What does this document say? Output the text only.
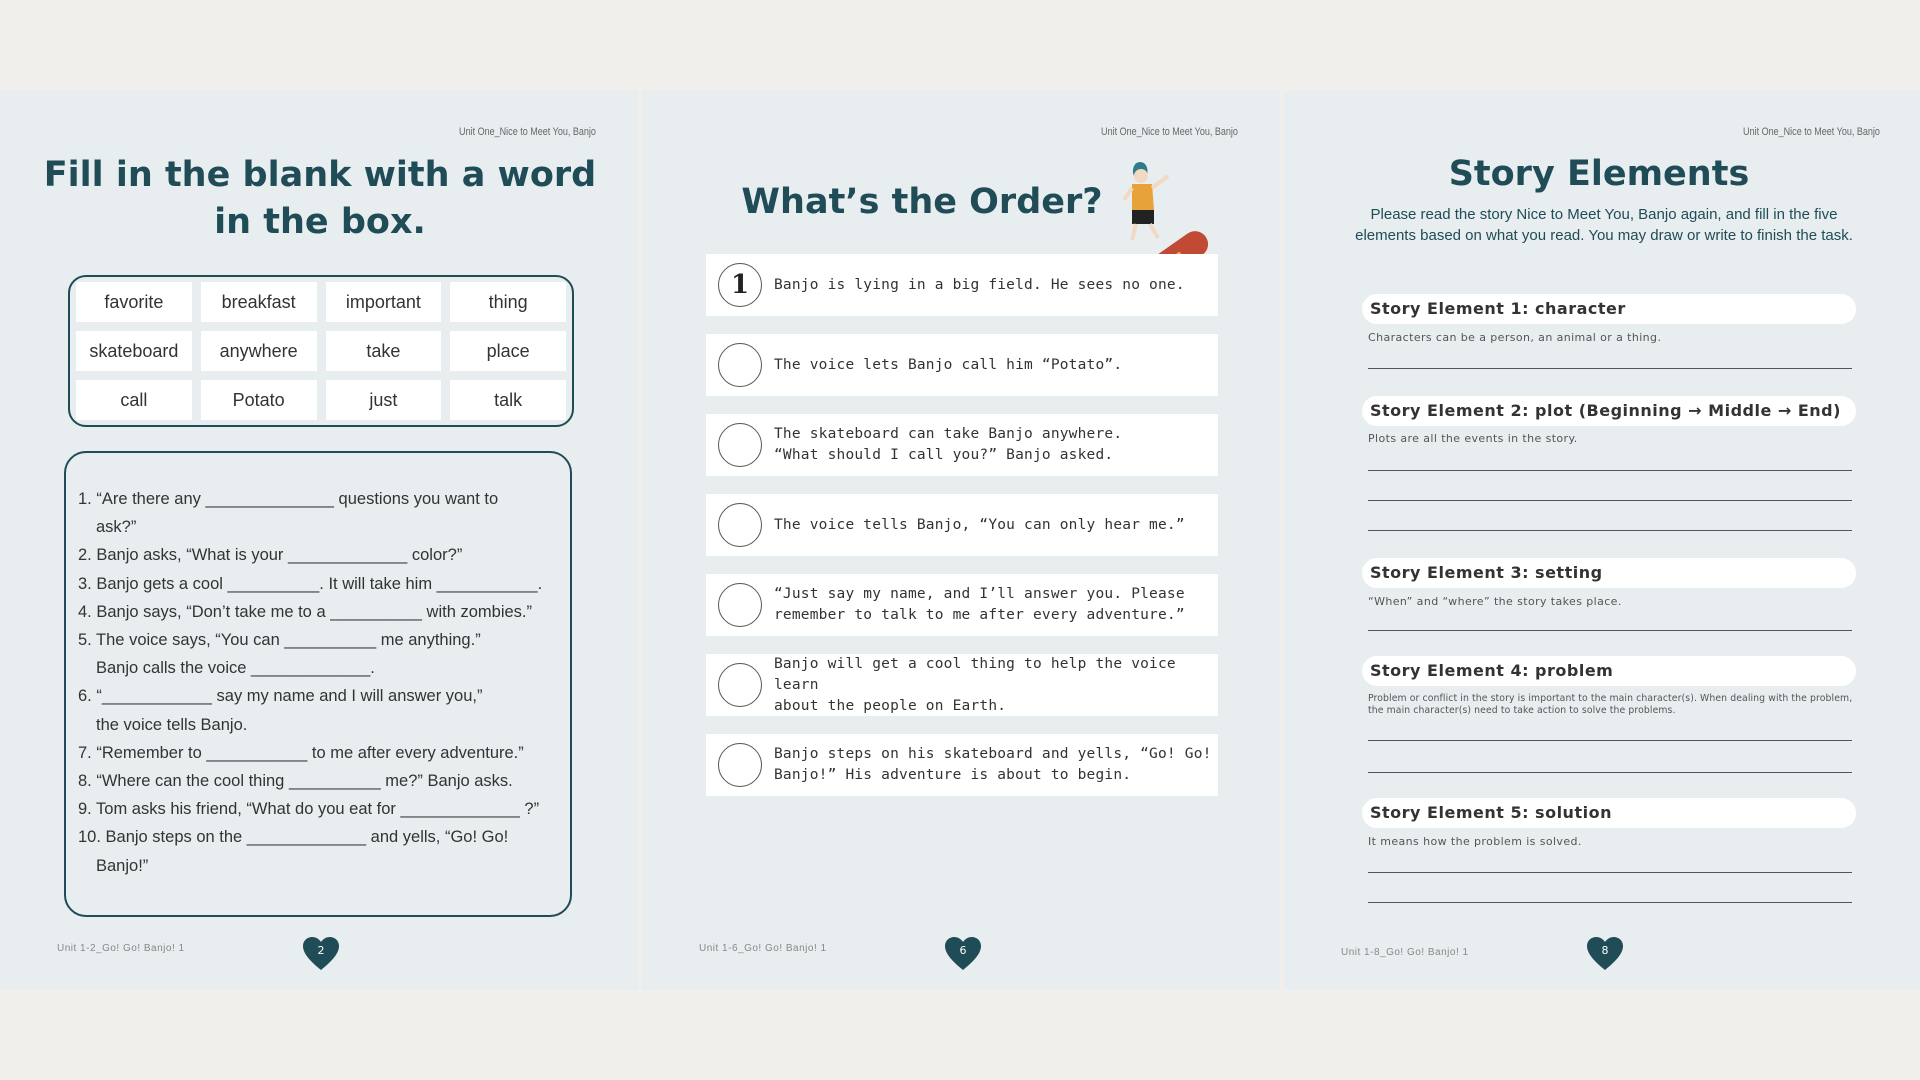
Unit One_Nice to Meet You, Banjo
Fill in the blank with a word in the box.
favorite	breakfast	important	thing
skateboard	anywhere	take	place
call	Potato	just	talk
1. “Are there any ______________ questions you want to
ask?”
2. Banjo asks, “What is your _____________ color?”
3. Banjo gets a cool __________. It will take him ___________.
4. Banjo says, “Don’t take me to a __________ with zombies.”
5. The voice says, “You can __________ me anything.”
Banjo calls the voice _____________.
6. “____________ say my name and I will answer you,”
the voice tells Banjo.
7. “Remember to ___________ to me after every adventure.”
8. “Where can the cool thing __________ me?” Banjo asks.
9. Tom asks his friend, “What do you eat for _____________ ?”
10. Banjo steps on the _____________ and yells, “Go! Go!
Banjo!”
Unit 1-2_Go! Go! Banjo! 1	2
Unit One_Nice to Meet You, Banjo
What’s the Order?
1	Banjo is lying in a big field. He sees no one.
The voice lets Banjo call him “Potato”.
The skateboard can take Banjo anywhere.
“What should I call you?” Banjo asked.
The voice tells Banjo, “You can only hear me.”
“Just say my name, and I’ll answer you. Please
remember to talk to me after every adventure.”
Banjo will get a cool thing to help the voice learn
about the people on Earth.
Banjo steps on his skateboard and yells, “Go! Go!
Banjo!” His adventure is about to begin.
Unit 1-6_Go! Go! Banjo! 1	6
Unit One_Nice to Meet You, Banjo
Story Elements
Please read the story Nice to Meet You, Banjo again, and fill in the five elements based on what you read. You may draw or write to finish the task.
Story Element 1: character
Characters can be a person, an animal or a thing.
Story Element 2: plot (Beginning → Middle → End)
Plots are all the events in the story.
Story Element 3: setting
“When” and “where” the story takes place.
Story Element 4: problem
Problem or conflict in the story is important to the main character(s). When dealing with the problem, the main character(s) need to take action to solve the problems.
Story Element 5: solution
It means how the problem is solved.
Unit 1-8_Go! Go! Banjo! 1	8
